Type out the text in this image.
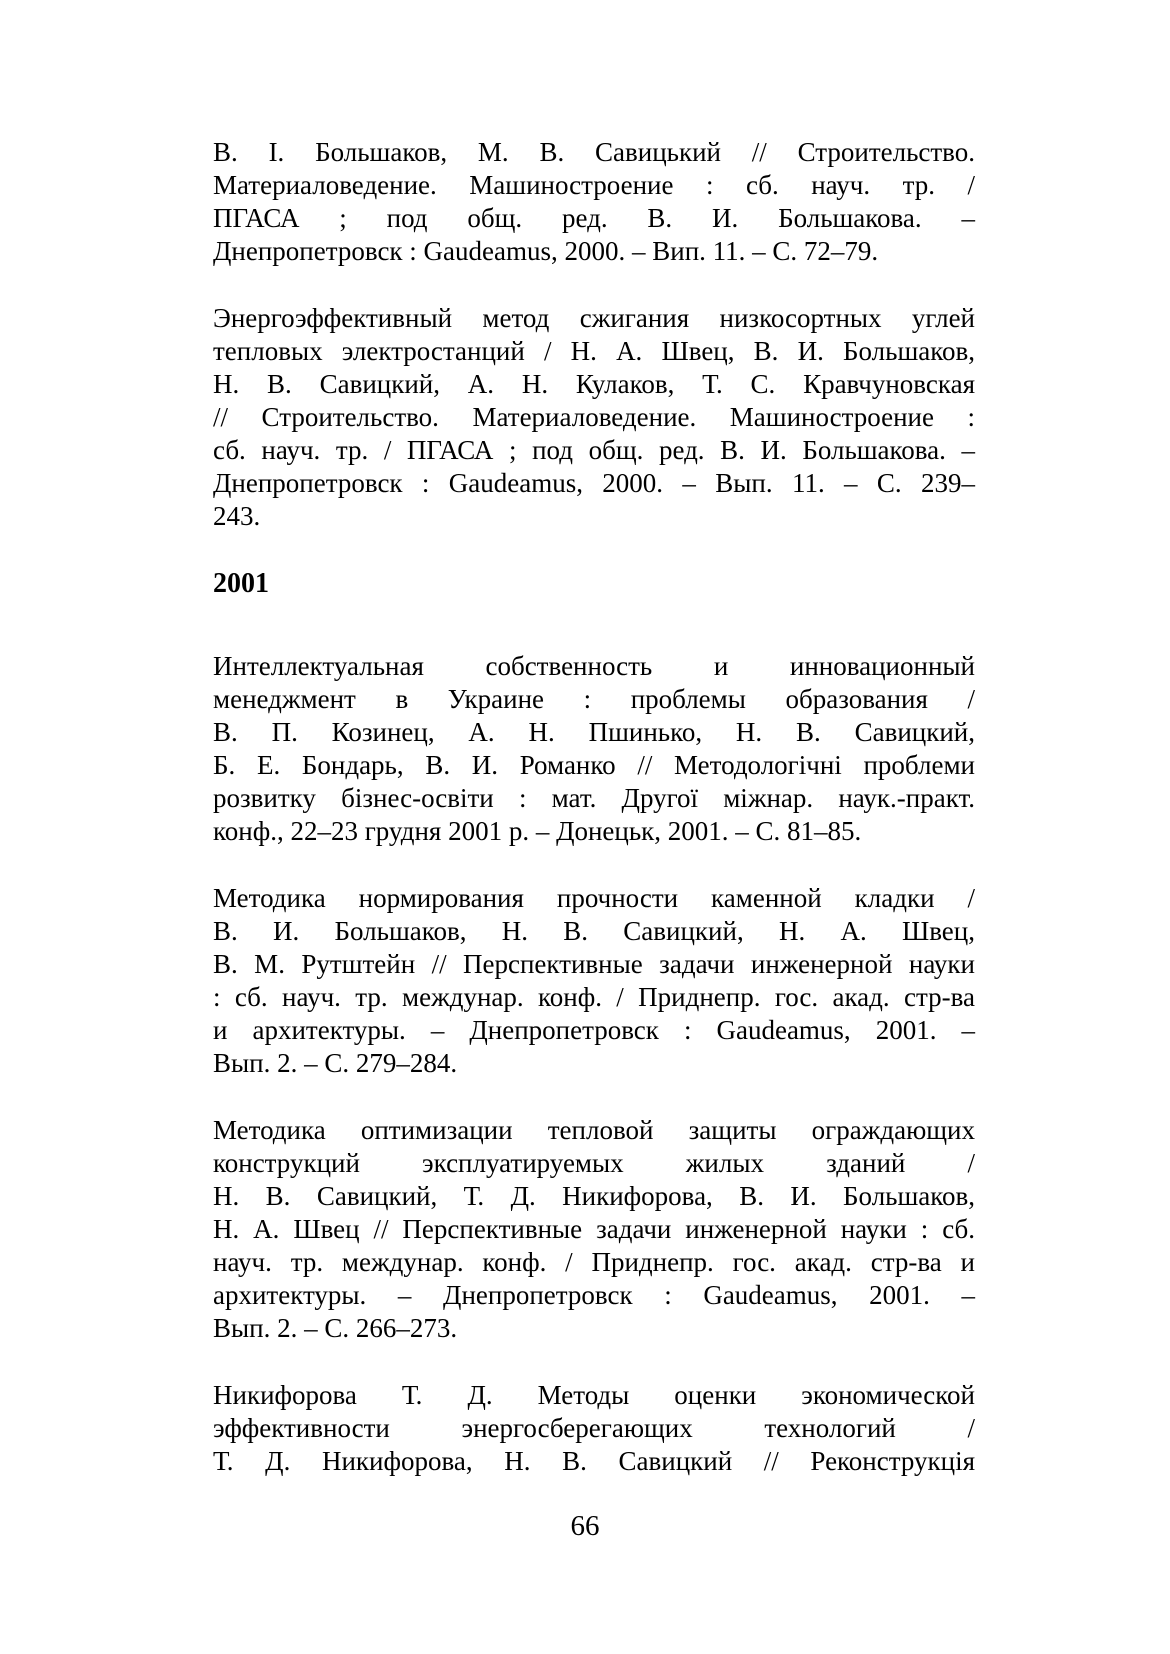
В. І. Большаков, М. В. Савицький // Строительство.
Материаловедение. Машиностроение : сб. науч. тр. /
ПГАСА ; под общ. ред. В. И. Большакова. –
Днепропетровск : Gaudeamus, 2000. – Вип. 11. – С. 72–79.
Энергоэффективный метод сжигания низкосортных углей
тепловых электростанций / Н. А. Швец, В. И. Большаков,
Н. В. Савицкий, А. Н. Кулаков, Т. С. Кравчуновская
// Строительство. Материаловедение. Машиностроение :
сб. науч. тр. / ПГАСА ; под общ. ред. В. И. Большакова. –
Днепропетровск : Gaudeamus, 2000. – Вып. 11. – С. 239–
243.
2001
Интеллектуальная собственность и инновационный
менеджмент в Украине : проблемы образования /
В. П. Козинец, А. Н. Пшинько, Н. В. Савицкий,
Б. Е. Бондарь, В. И. Романко // Методологічні проблеми
розвитку бізнес-освіти : мат. Другої міжнар. наук.-практ.
конф., 22–23 грудня 2001 р. – Донецьк, 2001. – С. 81–85.
Методика нормирования прочности каменной кладки /
В. И. Большаков, Н. В. Савицкий, Н. А. Швец,
В. М. Рутштейн // Перспективные задачи инженерной науки
: сб. науч. тр. междунар. конф. / Приднепр. гос. акад. стр-ва
и архитектуры. – Днепропетровск : Gaudeamus, 2001. –
Вып. 2. – С. 279–284.
Методика оптимизации тепловой защиты ограждающих
конструкций эксплуатируемых жилых зданий /
Н. В. Савицкий, Т. Д. Никифорова, В. И. Большаков,
Н. А. Швец // Перспективные задачи инженерной науки : сб.
науч. тр. междунар. конф. / Приднепр. гос. акад. стр-ва и
архитектуры. – Днепропетровск : Gaudeamus, 2001. –
Вып. 2. – С. 266–273.
Никифорова Т. Д. Методы оценки экономической
эффективности энергосберегающих технологий /
Т. Д. Никифорова, Н. В. Савицкий // Реконструкція
66
